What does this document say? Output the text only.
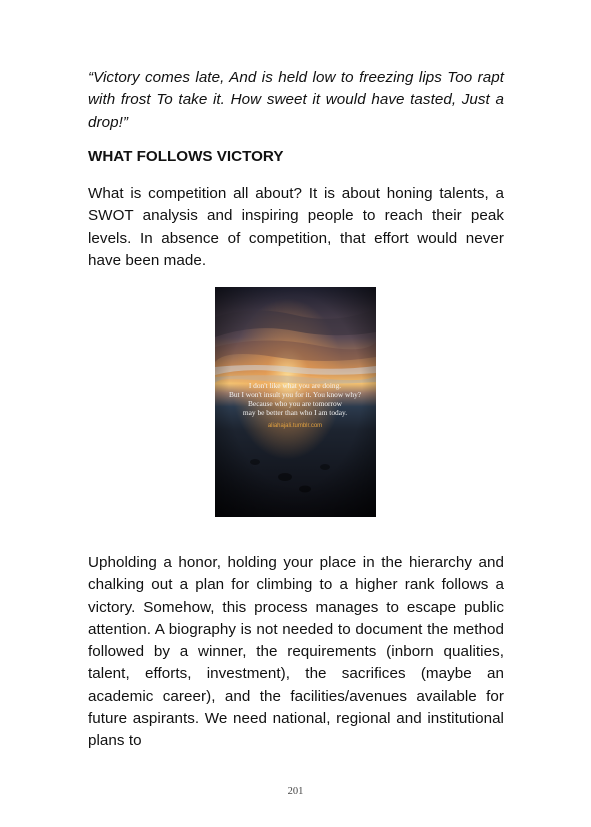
“Victory comes late, And is held low to freezing lips Too rapt with frost To take it. How sweet it would have tasted, Just a drop!”

WHAT FOLLOWS VICTORY

What is competition all about? It is about honing talents, a SWOT analysis and inspiring people to reach their peak levels. In absence of competition, that effort would never have been made.

I don't like what you are doing.
But I won't insult you for it. You know why?
Because who you are tomorrow
may be better than who I am today.
aliahajali.tumblr.com

Upholding a honor, holding your place in the hierarchy and chalking out a plan for climbing to a higher rank follows a victory. Somehow, this process manages to escape public attention. A biography is not needed to document the method followed by a winner, the requirements (inborn qualities, talent, efforts, investment), the sacrifices (maybe an academic career), and the facilities/avenues available for future aspirants. We need national, regional and institutional plans to

201
